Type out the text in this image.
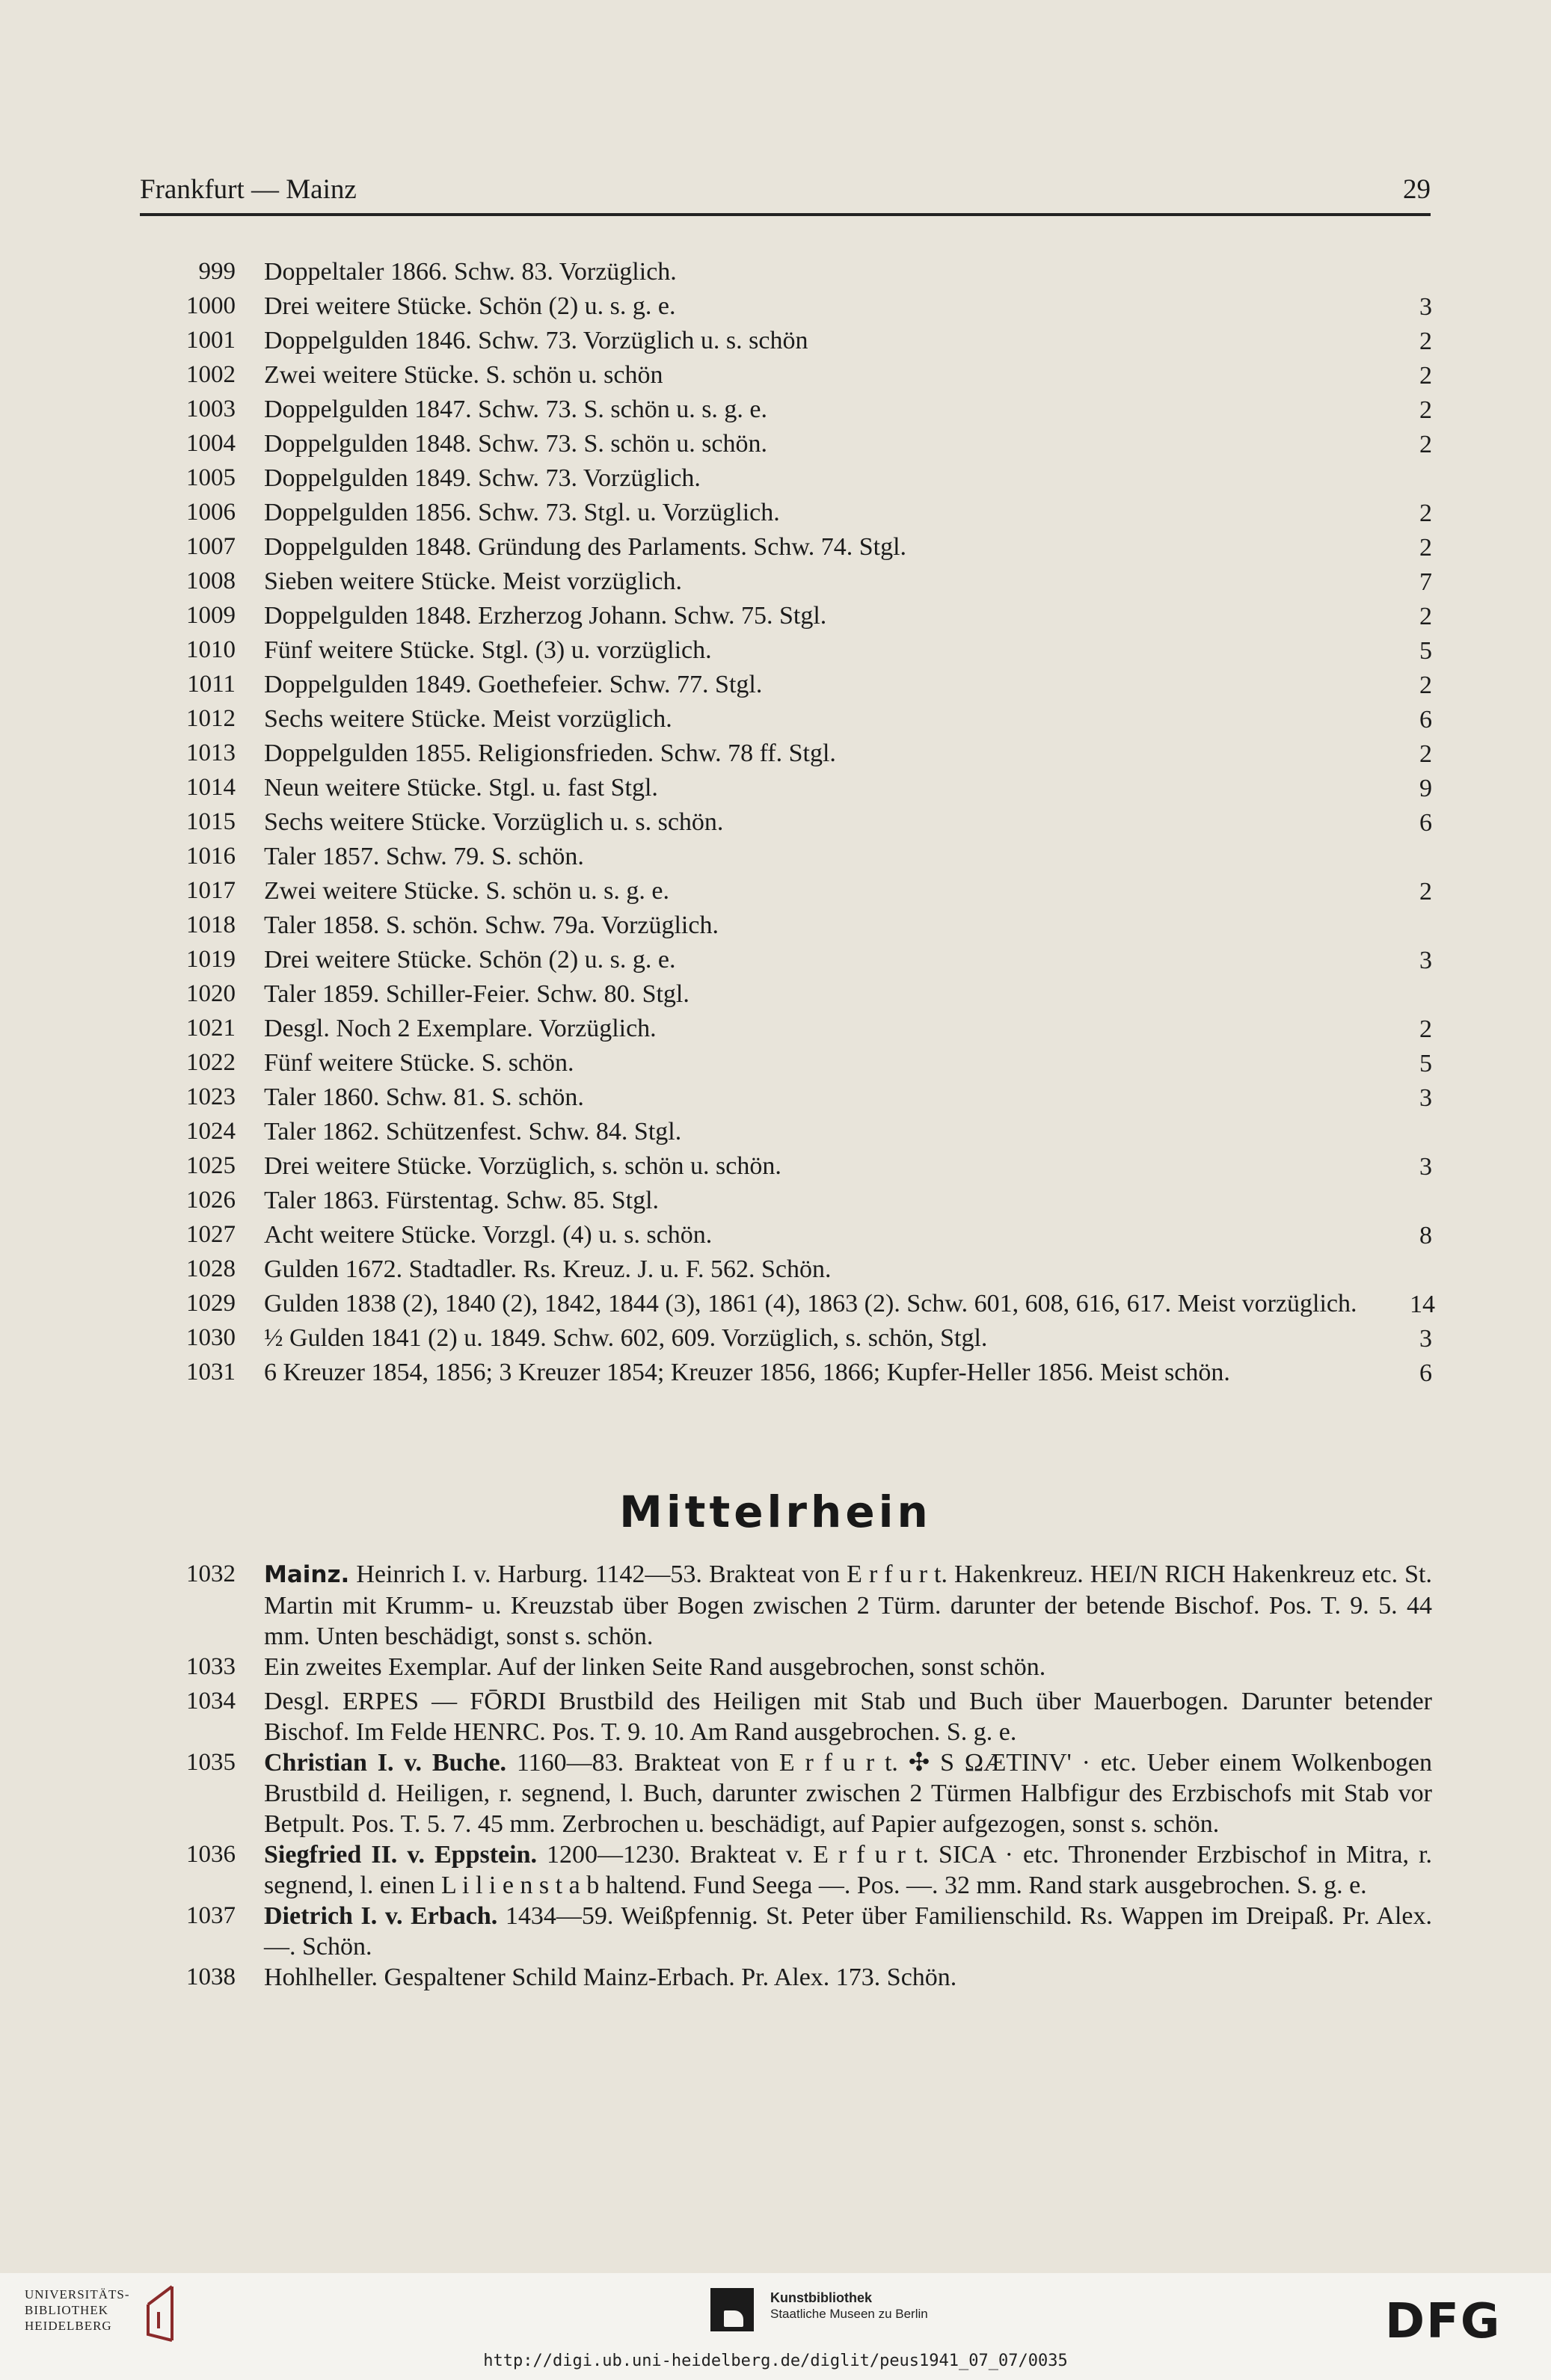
Frankfurt — Mainz	29
999 Doppeltaler 1866. Schw. 83. Vorzüglich.
1000 Drei weitere Stücke. Schön (2) u. s. g. e.	3
1001 Doppelgulden 1846. Schw. 73. Vorzüglich u. s. schön	2
1002 Zwei weitere Stücke. S. schön u. schön	2
1003 Doppelgulden 1847. Schw. 73. S. schön u. s. g. e.	2
1004 Doppelgulden 1848. Schw. 73. S. schön u. schön.	2
1005 Doppelgulden 1849. Schw. 73. Vorzüglich.
1006 Doppelgulden 1856. Schw. 73. Stgl. u. Vorzüglich.	2
1007 Doppelgulden 1848. Gründung des Parlaments. Schw. 74. Stgl.	2
1008 Sieben weitere Stücke. Meist vorzüglich.	7
1009 Doppelgulden 1848. Erzherzog Johann. Schw. 75. Stgl.	2
1010 Fünf weitere Stücke. Stgl. (3) u. vorzüglich.	5
1011 Doppelgulden 1849. Goethefeier. Schw. 77. Stgl.	2
1012 Sechs weitere Stücke. Meist vorzüglich.	6
1013 Doppelgulden 1855. Religionsfrieden. Schw. 78 ff. Stgl.	2
1014 Neun weitere Stücke. Stgl. u. fast Stgl.	9
1015 Sechs weitere Stücke. Vorzüglich u. s. schön.	6
1016 Taler 1857. Schw. 79. S. schön.
1017 Zwei weitere Stücke. S. schön u. s. g. e.	2
1018 Taler 1858. S. schön. Schw. 79a. Vorzüglich.
1019 Drei weitere Stücke. Schön (2) u. s. g. e.	3
1020 Taler 1859. Schiller-Feier. Schw. 80. Stgl.
1021 Desgl. Noch 2 Exemplare. Vorzüglich.	2
1022 Fünf weitere Stücke. S. schön.	5
1023 Taler 1860. Schw. 81. S. schön.	3
1024 Taler 1862. Schützenfest. Schw. 84. Stgl.
1025 Drei weitere Stücke. Vorzüglich, s. schön u. schön.	3
1026 Taler 1863. Fürstentag. Schw. 85. Stgl.
1027 Acht weitere Stücke. Vorzgl. (4) u. s. schön.	8
1028 Gulden 1672. Stadtadler. Rs. Kreuz. J. u. F. 562. Schön.
1029 Gulden 1838 (2), 1840 (2), 1842, 1844 (3), 1861 (4), 1863 (2). Schw. 601, 608, 616, 617. Meist vorzüglich.	14
1030 ½ Gulden 1841 (2) u. 1849. Schw. 602, 609. Vorzüglich, s. schön, Stgl.	3
1031 6 Kreuzer 1854, 1856; 3 Kreuzer 1854; Kreuzer 1856, 1866; Kupfer-Heller 1856. Meist schön.	6
Mittelrhein
1032 Mainz. Heinrich I. v. Harburg. 1142—53. Brakteat von E r f u r t. Hakenkreuz. HEI/N RICH Hakenkreuz etc. St. Martin mit Krumm- u. Kreuzstab über Bogen zwischen 2 Türm. darunter der betende Bischof. Pos. T. 9. 5. 44 mm. Unten beschädigt, sonst s. schön.
1033 Ein zweites Exemplar. Auf der linken Seite Rand ausgebrochen, sonst schön.
1034 Desgl. ERPES — FŌRDI Brustbild des Heiligen mit Stab und Buch über Mauerbogen. Darunter betender Bischof. Im Felde HENRC. Pos. T. 9. 10. Am Rand ausgebrochen. S. g. e.
1035 Christian I. v. Buche. 1160—83. Brakteat von E r f u r t. ✣ S ΩÆTINV' · etc. Ueber einem Wolkenbogen Brustbild d. Heiligen, r. segnend, l. Buch, darunter zwischen 2 Türmen Halbfigur des Erzbischofs mit Stab vor Betpult. Pos. T. 5. 7. 45 mm. Zerbrochen u. beschädigt, auf Papier aufgezogen, sonst s. schön.
1036 Siegfried II. v. Eppstein. 1200—1230. Brakteat v. E r f u r t. SICA · etc. Thronender Erzbischof in Mitra, r. segnend, l. einen L i l i e n s t a b haltend. Fund Seega —. Pos. —. 32 mm. Rand stark ausgebrochen. S. g. e.
1037 Dietrich I. v. Erbach. 1434—59. Weißpfennig. St. Peter über Familienschild. Rs. Wappen im Dreipaß. Pr. Alex. —. Schön.
1038 Hohlheller. Gespaltener Schild Mainz-Erbach. Pr. Alex. 173. Schön.
UNIVERSITÄTS-
BIBLIOTHEK
HEIDELBERG
Kunstbibliothek
Staatliche Museen zu Berlin	DFG
http://digi.ub.uni-heidelberg.de/diglit/peus1941_07_07/0035
